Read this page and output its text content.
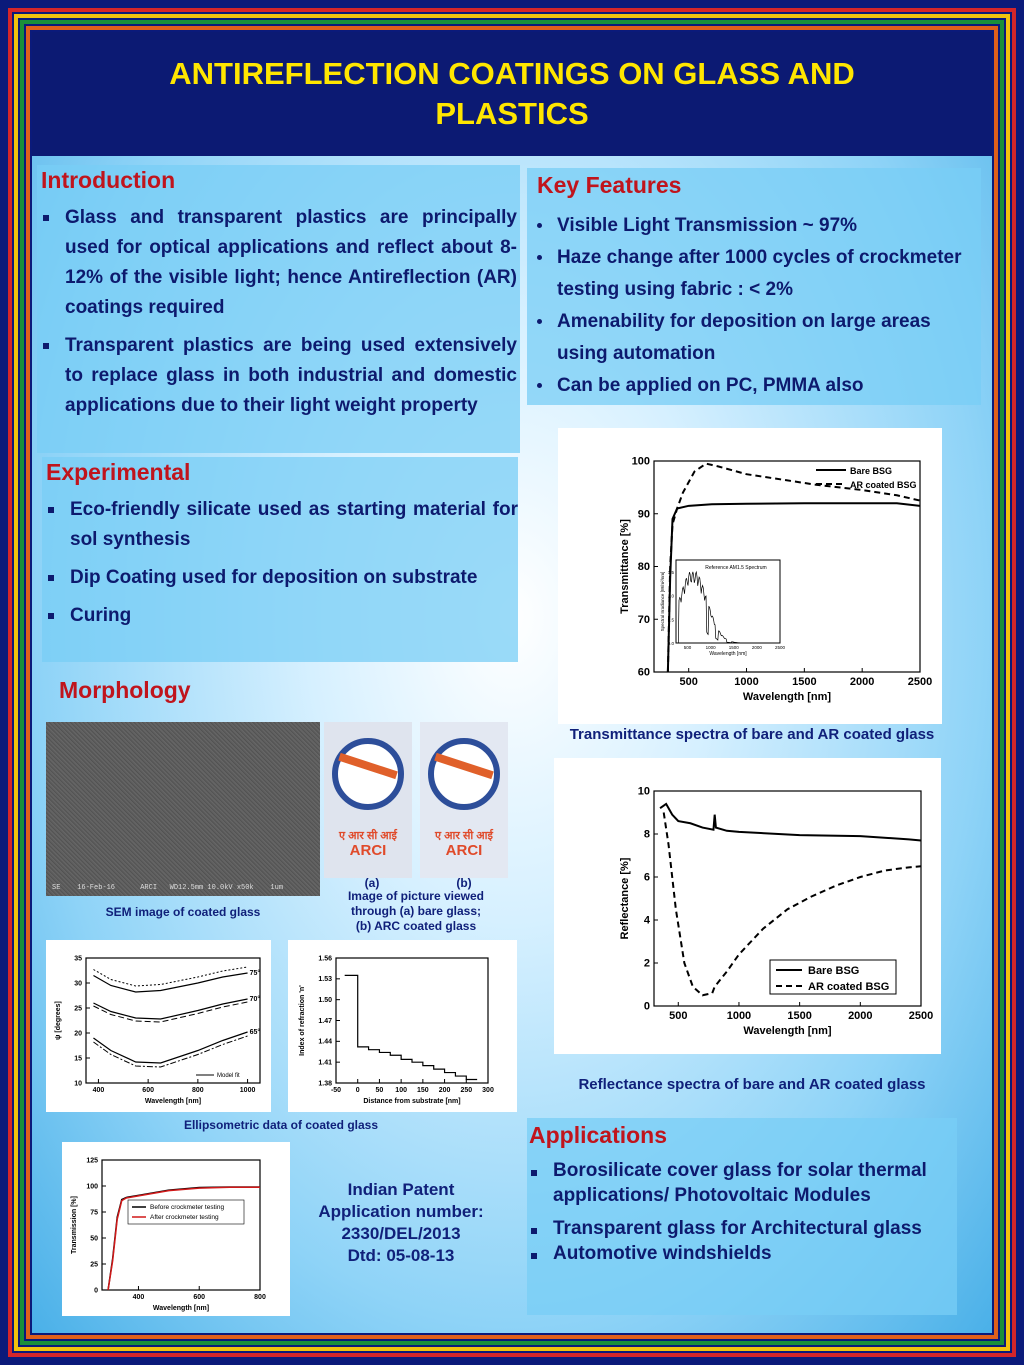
ANTIREFLECTION COATINGS ON GLASS AND
PLASTICS
Introduction
Glass and transparent plastics are principally used for optical applications and reflect about 8-12% of the visible light; hence Antireflection (AR) coatings required
Transparent plastics are being used extensively to replace glass in both industrial and domestic applications due to their light weight property
Experimental
Eco-friendly silicate used as starting material for sol synthesis
Dip Coating used for deposition on substrate
Curing
Morphology
SE    16-Feb-16      ARCI   WD12.5mm 10.0kV x50k    1um
SEM image of coated glass
ए आर सी आई
ARCI
ए आर सी आई
ARCI
(a)	(b)
Image of picture viewed
through (a) bare glass;
(b) ARC coated glass
400	600	800	1000
10
15
20
25
30
35
Wavelength [nm]
ψ [degrees]
75°
70°
65°
Model fit
-50 0 50 100 150 200 250 300
1.38
1.41
1.44
1.47
1.50
1.53
1.56
Distance from substrate [nm]
Index of refraction 'n'
Ellipsometric data of coated glass
400	600	800
0
25
50
75
100
125
Wavelength [nm]
Transmission [%]	Before crockmeter testing
After crockmeter testing
Indian Patent
Application number:
2330/DEL/2013
Dtd: 05-08-13
Key Features
Visible Light Transmission ~ 97%
Haze change after 1000 cycles of crockmeter testing using fabric : < 2%
Amenability for deposition on large areas using automation
Can be applied on PC, PMMA also
500	1000	1500	2000	2500
60
70
80
90
100
Wavelength [nm]
Transmittance [%]
Bare BSG
AR coated BSG
Reference AM1.5 Spectrum
500	1000	1500	2000	2500
0.0
0.5
1.0
1.5
Wavelength [nm]
Spectral Irradiance [W/m²/nm]
Transmittance spectra of bare and AR coated glass
500	1000	1500	2000	2500
0
2
4
6
8
10
Wavelength [nm]
Reflectance [%]
Bare BSG
AR coated BSG
Reflectance spectra of bare and AR coated glass
Applications
Borosilicate cover glass for solar thermal applications/ Photovoltaic Modules
Transparent glass for Architectural glass
Automotive windshields
